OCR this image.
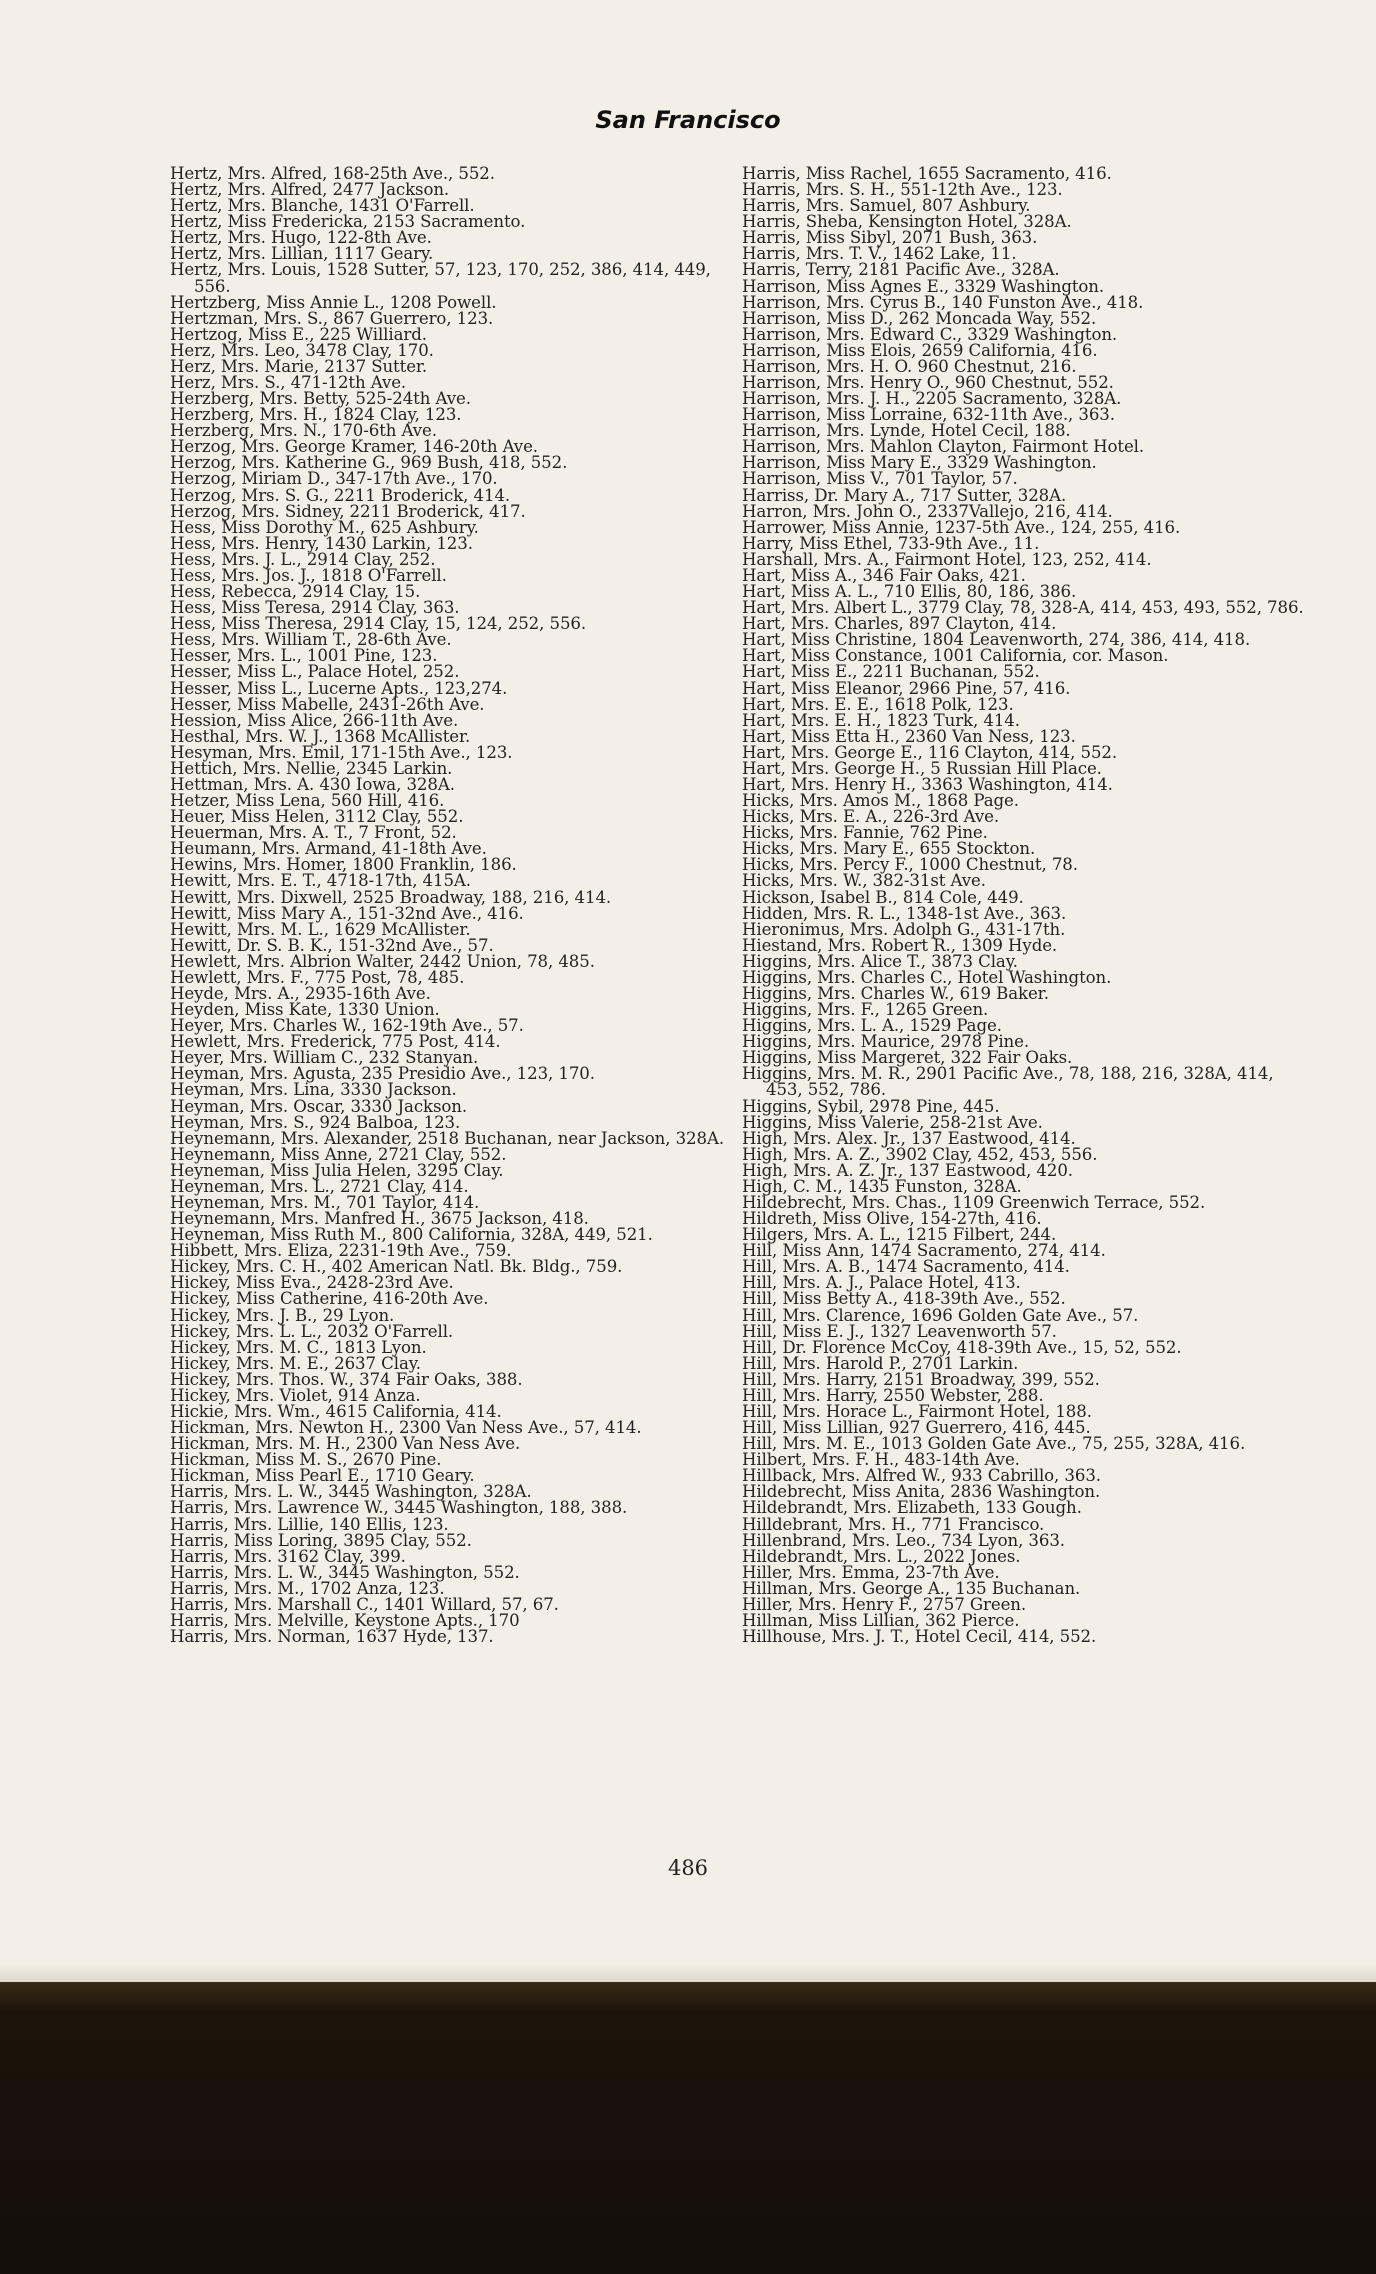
San Francisco
Hertz, Mrs. Alfred, 168-25th Ave., 552.
Hertz, Mrs. Alfred, 2477 Jackson.
Hertz, Mrs. Blanche, 1431 O'Farrell.
Hertz, Miss Fredericka, 2153 Sacramento.
Hertz, Mrs. Hugo, 122-8th Ave.
Hertz, Mrs. Lillian, 1117 Geary.
Hertz, Mrs. Louis, 1528 Sutter, 57, 123, 170, 252, 386, 414, 449, 556.
Hertzberg, Miss Annie L., 1208 Powell.
Hertzman, Mrs. S., 867 Guerrero, 123.
Hertzog, Miss E., 225 Williard.
Herz, Mrs. Leo, 3478 Clay, 170.
Herz, Mrs. Marie, 2137 Sutter.
Herz, Mrs. S., 471-12th Ave.
Herzberg, Mrs. Betty, 525-24th Ave.
Herzberg, Mrs. H., 1824 Clay, 123.
Herzberg, Mrs. N., 170-6th Ave.
Herzog, Mrs. George Kramer, 146-20th Ave.
Herzog, Mrs. Katherine G., 969 Bush, 418, 552.
Herzog, Miriam D., 347-17th Ave., 170.
Herzog, Mrs. S. G., 2211 Broderick, 414.
Herzog, Mrs. Sidney, 2211 Broderick, 417.
Hess, Miss Dorothy M., 625 Ashbury.
Hess, Mrs. Henry, 1430 Larkin, 123.
Hess, Mrs. J. L., 2914 Clay, 252.
Hess, Mrs. Jos. J., 1818 O'Farrell.
Hess, Rebecca, 2914 Clay, 15.
Hess, Miss Teresa, 2914 Clay, 363.
Hess, Miss Theresa, 2914 Clay, 15, 124, 252, 556.
Hess, Mrs. William T., 28-6th Ave.
Hesser, Mrs. L., 1001 Pine, 123.
Hesser, Miss L., Palace Hotel, 252.
Hesser, Miss L., Lucerne Apts., 123,274.
Hesser, Miss Mabelle, 2431-26th Ave.
Hession, Miss Alice, 266-11th Ave.
Hesthal, Mrs. W. J., 1368 McAllister.
Hesyman, Mrs. Emil, 171-15th Ave., 123.
Hettich, Mrs. Nellie, 2345 Larkin.
Hettman, Mrs. A. 430 Iowa, 328A.
Hetzer, Miss Lena, 560 Hill, 416.
Heuer, Miss Helen, 3112 Clay, 552.
Heuerman, Mrs. A. T., 7 Front, 52.
Heumann, Mrs. Armand, 41-18th Ave.
Hewins, Mrs. Homer, 1800 Franklin, 186.
Hewitt, Mrs. E. T., 4718-17th, 415A.
Hewitt, Mrs. Dixwell, 2525 Broadway, 188, 216, 414.
Hewitt, Miss Mary A., 151-32nd Ave., 416.
Hewitt, Mrs. M. L., 1629 McAllister.
Hewitt, Dr. S. B. K., 151-32nd Ave., 57.
Hewlett, Mrs. Albrion Walter, 2442 Union, 78, 485.
Hewlett, Mrs. F., 775 Post, 78, 485.
Heyde, Mrs. A., 2935-16th Ave.
Heyden, Miss Kate, 1330 Union.
Heyer, Mrs. Charles W., 162-19th Ave., 57.
Hewlett, Mrs. Frederick, 775 Post, 414.
Heyer, Mrs. William C., 232 Stanyan.
Heyman, Mrs. Agusta, 235 Presidio Ave., 123, 170.
Heyman, Mrs. Lina, 3330 Jackson.
Heyman, Mrs. Oscar, 3330 Jackson.
Heyman, Mrs. S., 924 Balboa, 123.
Heynemann, Mrs. Alexander, 2518 Buchanan, near Jackson, 328A.
Heynemann, Miss Anne, 2721 Clay, 552.
Heyneman, Miss Julia Helen, 3295 Clay.
Heyneman, Mrs. L., 2721 Clay, 414.
Heyneman, Mrs. M., 701 Taylor, 414.
Heynemann, Mrs. Manfred H., 3675 Jackson, 418.
Heyneman, Miss Ruth M., 800 California, 328A, 449, 521.
Hibbett, Mrs. Eliza, 2231-19th Ave., 759.
Hickey, Mrs. C. H., 402 American Natl. Bk. Bldg., 759.
Hickey, Miss Eva., 2428-23rd Ave.
Hickey, Miss Catherine, 416-20th Ave.
Hickey, Mrs. J. B., 29 Lyon.
Hickey, Mrs. L. L., 2032 O'Farrell.
Hickey, Mrs. M. C., 1813 Lyon.
Hickey, Mrs. M. E., 2637 Clay.
Hickey, Mrs. Thos. W., 374 Fair Oaks, 388.
Hickey, Mrs. Violet, 914 Anza.
Hickie, Mrs. Wm., 4615 California, 414.
Hickman, Mrs. Newton H., 2300 Van Ness Ave., 57, 414.
Hickman, Mrs. M. H., 2300 Van Ness Ave.
Hickman, Miss M. S., 2670 Pine.
Hickman, Miss Pearl E., 1710 Geary.
Harris, Mrs. L. W., 3445 Washington, 328A.
Harris, Mrs. Lawrence W., 3445 Washington, 188, 388.
Harris, Mrs. Lillie, 140 Ellis, 123.
Harris, Miss Loring, 3895 Clay, 552.
Harris, Mrs. 3162 Clay, 399.
Harris, Mrs. L. W., 3445 Washington, 552.
Harris, Mrs. M., 1702 Anza, 123.
Harris, Mrs. Marshall C., 1401 Willard, 57, 67.
Harris, Mrs. Melville, Keystone Apts., 170
Harris, Mrs. Norman, 1637 Hyde, 137.
Harris, Miss Rachel, 1655 Sacramento, 416.
Harris, Mrs. S. H., 551-12th Ave., 123.
Harris, Mrs. Samuel, 807 Ashbury.
Harris, Sheba, Kensington Hotel, 328A.
Harris, Miss Sibyl, 2071 Bush, 363.
Harris, Mrs. T. V., 1462 Lake, 11.
Harris, Terry, 2181 Pacific Ave., 328A.
Harrison, Miss Agnes E., 3329 Washington.
Harrison, Mrs. Cyrus B., 140 Funston Ave., 418.
Harrison, Miss D., 262 Moncada Way, 552.
Harrison, Mrs. Edward C., 3329 Washington.
Harrison, Miss Elois, 2659 California, 416.
Harrison, Mrs. H. O. 960 Chestnut, 216.
Harrison, Mrs. Henry O., 960 Chestnut, 552.
Harrison, Mrs. J. H., 2205 Sacramento, 328A.
Harrison, Miss Lorraine, 632-11th Ave., 363.
Harrison, Mrs. Lynde, Hotel Cecil, 188.
Harrison, Mrs. Mahlon Clayton, Fairmont Hotel.
Harrison, Miss Mary E., 3329 Washington.
Harrison, Miss V., 701 Taylor, 57.
Harriss, Dr. Mary A., 717 Sutter, 328A.
Harron, Mrs. John O., 2337Vallejo, 216, 414.
Harrower, Miss Annie, 1237-5th Ave., 124, 255, 416.
Harry, Miss Ethel, 733-9th Ave., 11.
Harshall, Mrs. A., Fairmont Hotel, 123, 252, 414.
Hart, Miss A., 346 Fair Oaks, 421.
Hart, Miss A. L., 710 Ellis, 80, 186, 386.
Hart, Mrs. Albert L., 3779 Clay, 78, 328-A, 414, 453, 493, 552, 786.
Hart, Mrs. Charles, 897 Clayton, 414.
Hart, Miss Christine, 1804 Leavenworth, 274, 386, 414, 418.
Hart, Miss Constance, 1001 California, cor. Mason.
Hart, Miss E., 2211 Buchanan, 552.
Hart, Miss Eleanor, 2966 Pine, 57, 416.
Hart, Mrs. E. E., 1618 Polk, 123.
Hart, Mrs. E. H., 1823 Turk, 414.
Hart, Miss Etta H., 2360 Van Ness, 123.
Hart, Mrs. George E., 116 Clayton, 414, 552.
Hart, Mrs. George H., 5 Russian Hill Place.
Hart, Mrs. Henry H., 3363 Washington, 414.
Hicks, Mrs. Amos M., 1868 Page.
Hicks, Mrs. E. A., 226-3rd Ave.
Hicks, Mrs. Fannie, 762 Pine.
Hicks, Mrs. Mary E., 655 Stockton.
Hicks, Mrs. Percy F., 1000 Chestnut, 78.
Hicks, Mrs. W., 382-31st Ave.
Hickson, Isabel B., 814 Cole, 449.
Hidden, Mrs. R. L., 1348-1st Ave., 363.
Hieronimus, Mrs. Adolph G., 431-17th.
Hiestand, Mrs. Robert R., 1309 Hyde.
Higgins, Mrs. Alice T., 3873 Clay.
Higgins, Mrs. Charles C., Hotel Washington.
Higgins, Mrs. Charles W., 619 Baker.
Higgins, Mrs. F., 1265 Green.
Higgins, Mrs. L. A., 1529 Page.
Higgins, Mrs. Maurice, 2978 Pine.
Higgins, Miss Margeret, 322 Fair Oaks.
Higgins, Mrs. M. R., 2901 Pacific Ave., 78, 188, 216, 328A, 414, 453, 552, 786.
Higgins, Sybil, 2978 Pine, 445.
Higgins, Miss Valerie, 258-21st Ave.
High, Mrs. Alex. Jr., 137 Eastwood, 414.
High, Mrs. A. Z., 3902 Clay, 452, 453, 556.
High, Mrs. A. Z. Jr., 137 Eastwood, 420.
High, C. M., 1435 Funston, 328A.
Hildebrecht, Mrs. Chas., 1109 Greenwich Terrace, 552.
Hildreth, Miss Olive, 154-27th, 416.
Hilgers, Mrs. A. L., 1215 Filbert, 244.
Hill, Miss Ann, 1474 Sacramento, 274, 414.
Hill, Mrs. A. B., 1474 Sacramento, 414.
Hill, Mrs. A. J., Palace Hotel, 413.
Hill, Miss Betty A., 418-39th Ave., 552.
Hill, Mrs. Clarence, 1696 Golden Gate Ave., 57.
Hill, Miss E. J., 1327 Leavenworth 57.
Hill, Dr. Florence McCoy, 418-39th Ave., 15, 52, 552.
Hill, Mrs. Harold P., 2701 Larkin.
Hill, Mrs. Harry, 2151 Broadway, 399, 552.
Hill, Mrs. Harry, 2550 Webster, 288.
Hill, Mrs. Horace L., Fairmont Hotel, 188.
Hill, Miss Lillian, 927 Guerrero, 416, 445.
Hill, Mrs. M. E., 1013 Golden Gate Ave., 75, 255, 328A, 416.
Hilbert, Mrs. F. H., 483-14th Ave.
Hillback, Mrs. Alfred W., 933 Cabrillo, 363.
Hildebrecht, Miss Anita, 2836 Washington.
Hildebrandt, Mrs. Elizabeth, 133 Gough.
Hilldebrant, Mrs. H., 771 Francisco.
Hillenbrand, Mrs. Leo., 734 Lyon, 363.
Hildebrandt, Mrs. L., 2022 Jones.
Hiller, Mrs. Emma, 23-7th Ave.
Hillman, Mrs. George A., 135 Buchanan.
Hiller, Mrs. Henry F., 2757 Green.
Hillman, Miss Lillian, 362 Pierce.
Hillhouse, Mrs. J. T., Hotel Cecil, 414, 552.
486
